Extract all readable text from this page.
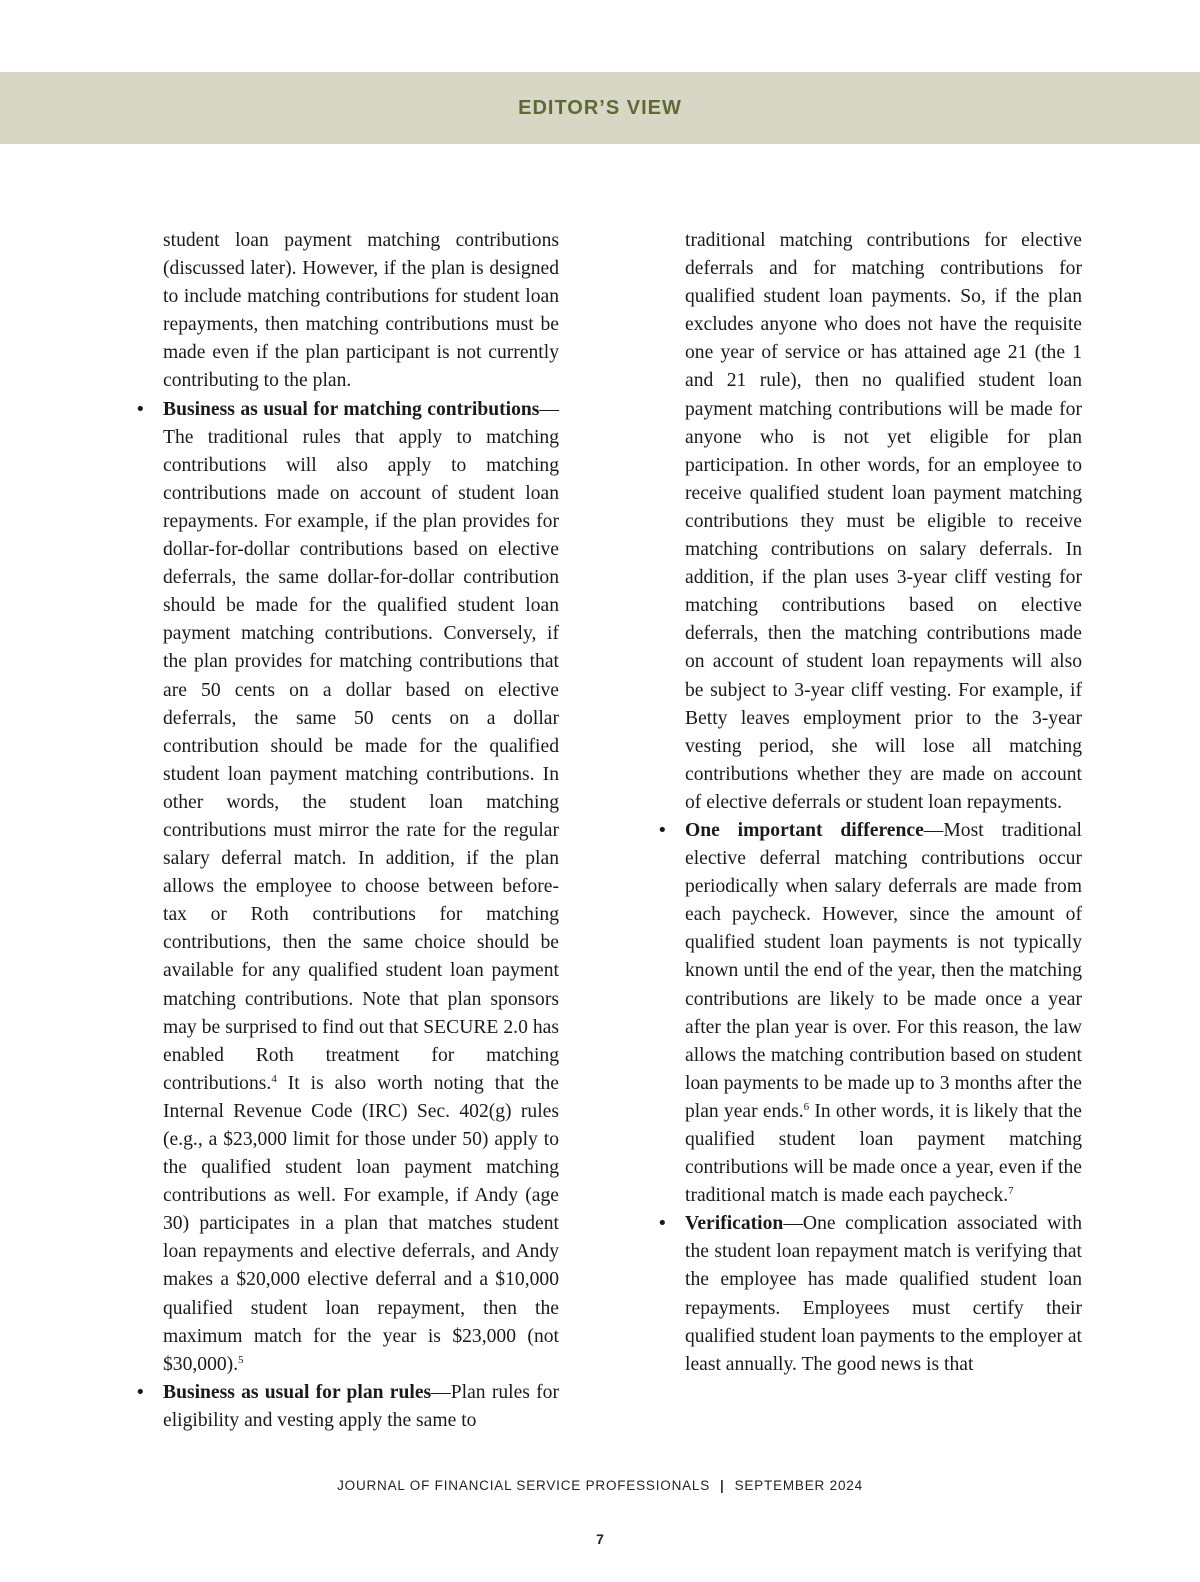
EDITOR’S VIEW

student loan payment matching contributions (discussed later). However, if the plan is designed to include matching contributions for student loan repayments, then matching contributions must be made even if the plan participant is not currently contributing to the plan.

• Business as usual for matching contributions—The traditional rules that apply to matching contributions will also apply to matching contributions made on account of student loan repayments. For example, if the plan provides for dollar-for-dollar contributions based on elective deferrals, the same dollar-for-dollar contribution should be made for the qualified student loan payment matching contributions. Conversely, if the plan provides for matching contributions that are 50 cents on a dollar based on elective deferrals, the same 50 cents on a dollar contribution should be made for the qualified student loan payment matching contributions. In other words, the student loan matching contributions must mirror the rate for the regular salary deferral match. In addition, if the plan allows the employee to choose between before-tax or Roth contributions for matching contributions, then the same choice should be available for any qualified student loan payment matching contributions. Note that plan sponsors may be surprised to find out that SECURE 2.0 has enabled Roth treatment for matching contributions.$^4$ It is also worth noting that the Internal Revenue Code (IRC) Sec. 402(g) rules (e.g., a $23,000 limit for those under 50) apply to the qualified student loan payment matching contributions as well. For example, if Andy (age 30) participates in a plan that matches student loan repayments and elective deferrals, and Andy makes a $20,000 elective deferral and a $10,000 qualified student loan repayment, then the maximum match for the year is $23,000 (not $30,000).$^5$
• Business as usual for plan rules—Plan rules for eligibility and vesting apply the same to

traditional matching contributions for elective deferrals and for matching contributions for qualified student loan payments. So, if the plan excludes anyone who does not have the requisite one year of service or has attained age 21 (the 1 and 21 rule), then no qualified student loan payment matching contributions will be made for anyone who is not yet eligible for plan participation. In other words, for an employee to receive qualified student loan payment matching contributions they must be eligible to receive matching contributions on salary deferrals. In addition, if the plan uses 3-year cliff vesting for matching contributions based on elective deferrals, then the matching contributions made on account of student loan repayments will also be subject to 3-year cliff vesting. For example, if Betty leaves employment prior to the 3-year vesting period, she will lose all matching contributions whether they are made on account of elective deferrals or student loan repayments.

• One important difference—Most traditional elective deferral matching contributions occur periodically when salary deferrals are made from each paycheck. However, since the amount of qualified student loan payments is not typically known until the end of the year, then the matching contributions are likely to be made once a year after the plan year is over. For this reason, the law allows the matching contribution based on student loan payments to be made up to 3 months after the plan year ends.$^6$ In other words, it is likely that the qualified student loan payment matching contributions will be made once a year, even if the traditional match is made each paycheck.$^7$
• Verification—One complication associated with the student loan repayment match is verifying that the employee has made qualified student loan repayments. Employees must certify their qualified student loan payments to the employer at least annually. The good news is that
JOURNAL OF FINANCIAL SERVICE PROFESSIONALS | SEPTEMBER 2024
7
